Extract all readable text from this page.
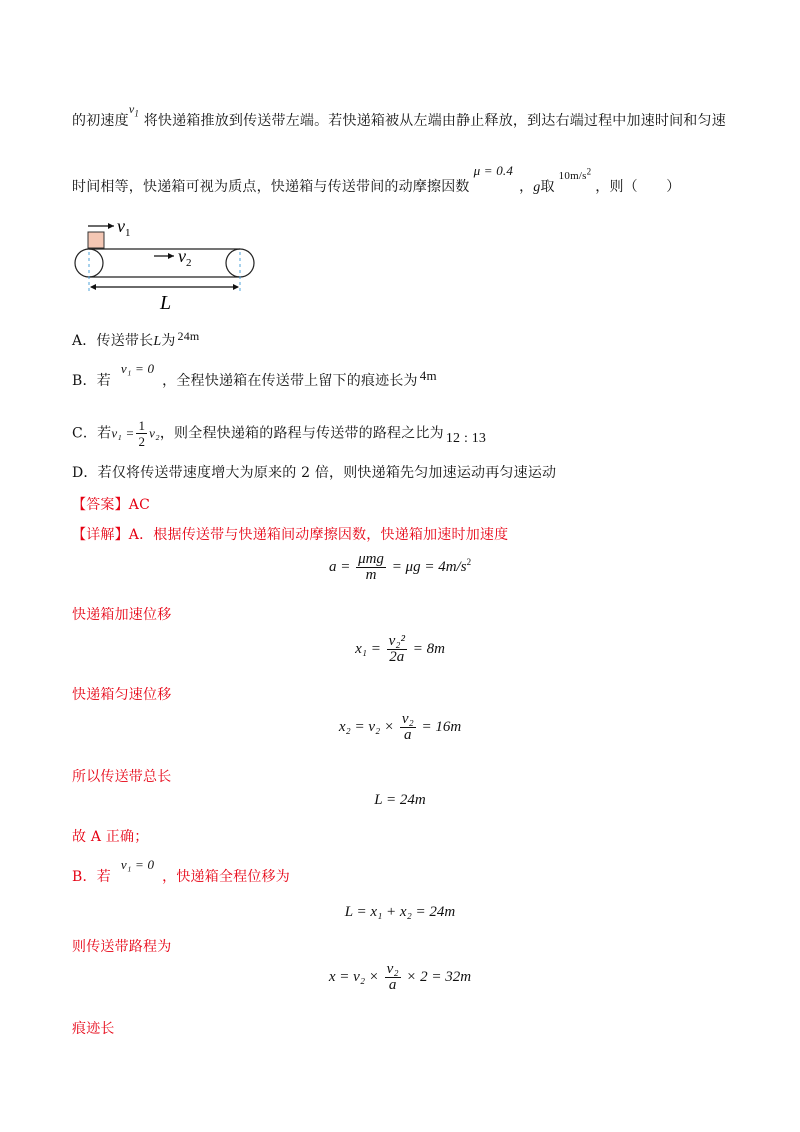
的初速度$v_1$ 将快递箱推放到传送带左端。若快递箱被从左端由静止释放，到达右端过程中加速时间和匀速
时间相等，快递箱可视为质点，快递箱与传送带间的动摩擦因数μ = 0.4，g取$^{10m/s^2}$，则（　　）
$v_1$
$v_2$
L
A．传送带长L为 24m
B．若v₁ = 0，全程快递箱在传送带上留下的痕迹长为 4m
C．若$v_1 = \frac{1}{2} v_2$，则全程快递箱的路程与传送带的路程之比为 12 : 13
D．若仅将传送带速度增大为原来的 2 倍，则快递箱先匀加速运动再匀速运动
【答案】AC
【详解】A．根据传送带与快递箱间动摩擦因数，快递箱加速时加速度
$a = \frac{\text{μmg}}{m} = \mu g = 4m/s^2$
快递箱加速位移
$x_1 = \frac{\text{v₂²}}{2a} = 8m$
快递箱匀速位移
$x_2 = v_2 \times \frac{\text{v₂}}{a} = 16m$
所以传送带总长
L = 24m
故 A 正确；
B．若v₁ = 0，快递箱全程位移为
L = x₁ + x₂ = 24m
则传送带路程为
$x = v_2 \times \frac{\text{v₂}}{a} \times 2 = 32m$
痕迹长
